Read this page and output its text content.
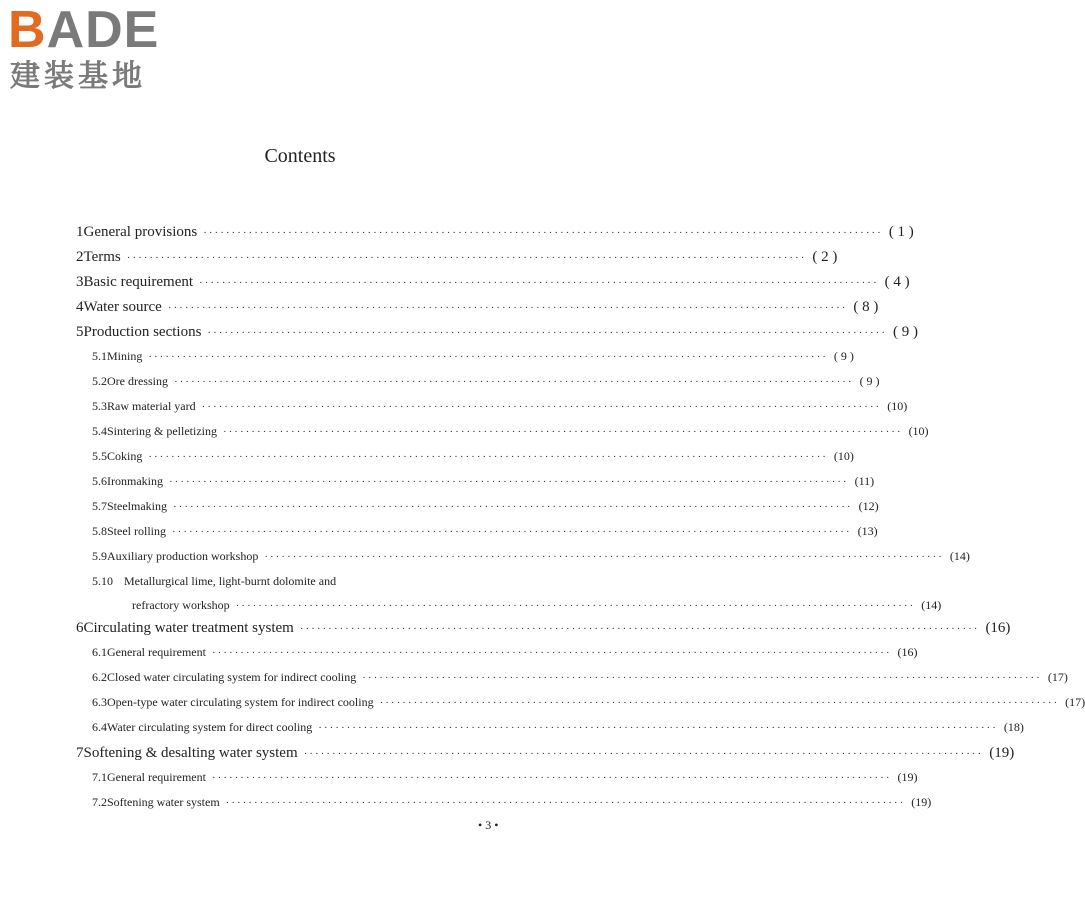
BADE
建装基地
Contents
1 General provisions ························································································································ ( 1 )
2 Terms ························································································································ ( 2 )
3 Basic requirement ························································································································ ( 4 )
4 Water source ························································································································ ( 8 )
5 Production sections ························································································································ ( 9 )
5.1 Mining ························································································································ ( 9 )
5.2 Ore dressing ························································································································ ( 9 )
5.3 Raw material yard ························································································································ (10)
5.4 Sintering & pelletizing ························································································································ (10)
5.5 Coking ························································································································ (10)
5.6 Ironmaking ························································································································ (11)
5.7 Steelmaking ························································································································ (12)
5.8 Steel rolling ························································································································ (13)
5.9 Auxiliary production workshop ························································································································ (14)
5.10 Metallurgical lime, light-burnt dolomite and
refractory workshop ························································································································ (14)
6 Circulating water treatment system ························································································································ (16)
6.1 General requirement ························································································································ (16)
6.2 Closed water circulating system for indirect cooling ························································································································ (17)
6.3 Open-type water circulating system for indirect cooling ························································································································ (17)
6.4 Water circulating system for direct cooling ························································································································ (18)
7 Softening & desalting water system ························································································································ (19)
7.1 General requirement ························································································································ (19)
7.2 Softening water system ························································································································ (19)
• 3 •
